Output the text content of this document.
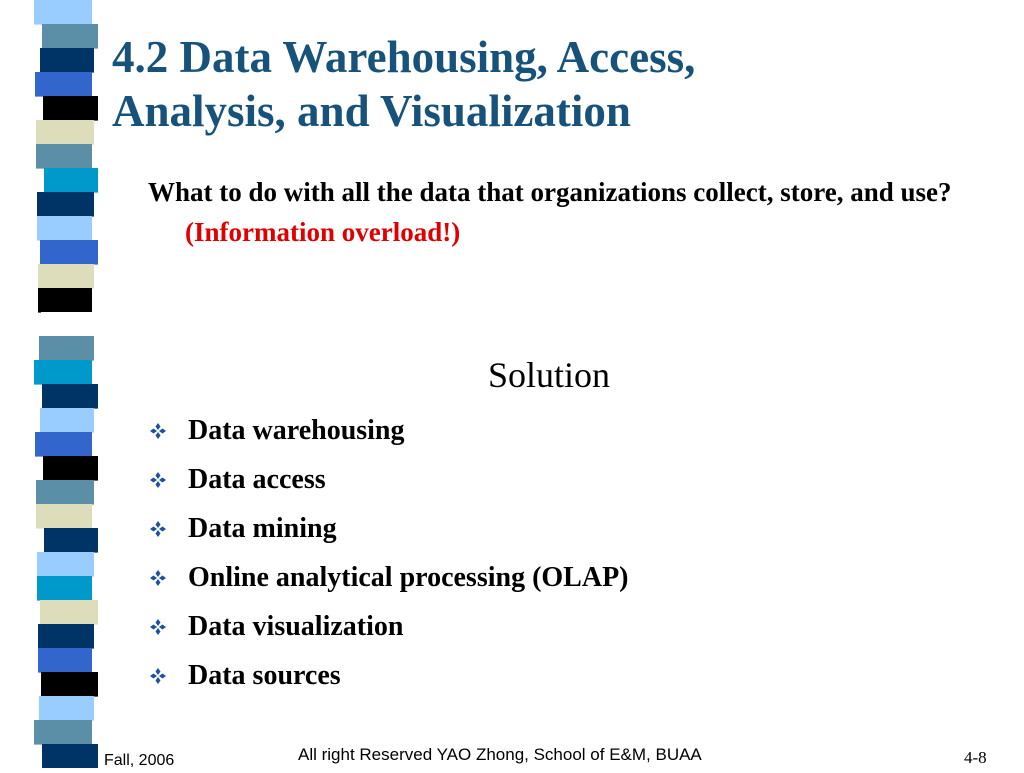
4.2 Data Warehousing, Access,
Analysis, and Visualization
What to do with all the data that organizations collect, store, and use?
(Information overload!)
Solution
Data warehousing
Data access
Data mining
Online analytical processing (OLAP)
Data visualization
Data sources
Fall, 2006	All right Reserved YAO Zhong, School of E&M, BUAA	4-8
